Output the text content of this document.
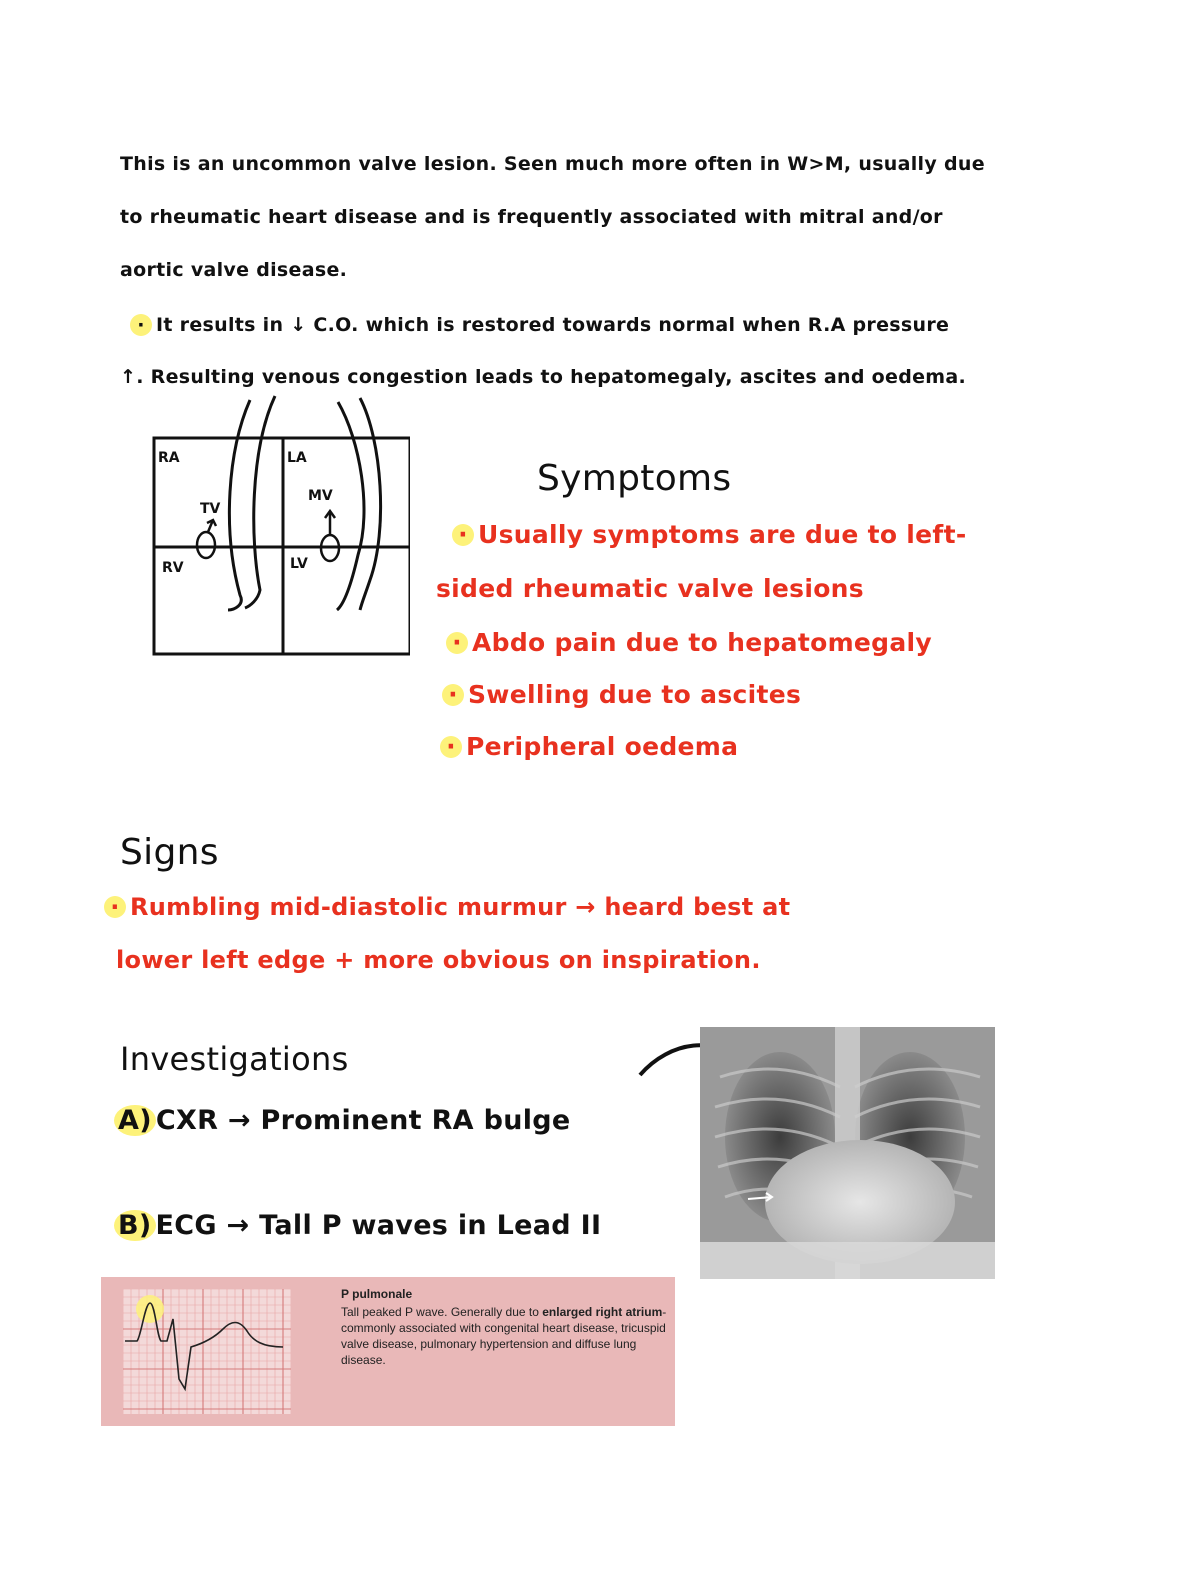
This is an uncommon valve lesion. Seen much more often in W>M, usually due
to rheumatic heart disease and is frequently associated with mitral and/or
aortic valve disease.
· It results in ↓ C.O. which is restored towards normal when R.A pressure
↑. Resulting venous congestion leads to hepatomegaly, ascites and oedema.
RA	LA
RV	LV
TV
MV	Symptoms
· Usually symptoms are due to left-
sided rheumatic valve lesions
· Abdo pain due to hepatomegaly
· Swelling due to ascites
· Peripheral oedema
Signs
· Rumbling mid-diastolic murmur → heard best at
lower left edge + more obvious on inspiration.
Investigations
A) CXR → Prominent RA bulge
B) ECG → Tall P waves in Lead II
P pulmonale
Tall peaked P wave. Generally due to enlarged right atrium- commonly associated with congenital heart disease, tricuspid valve disease, pulmonary hypertension and diffuse lung disease.
